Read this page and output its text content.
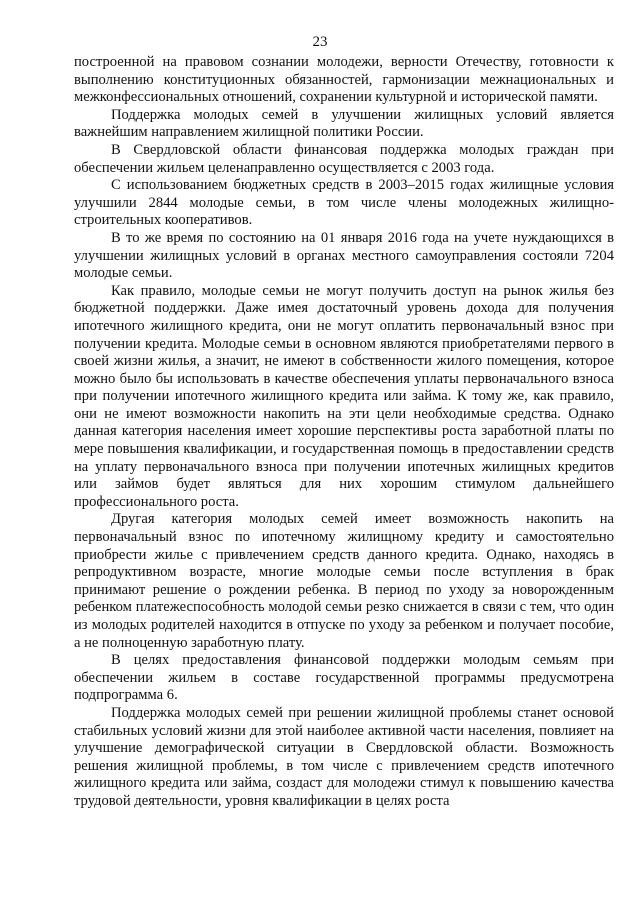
23

построенной на правовом сознании молодежи, верности Отечеству, готовности к выполнению конституционных обязанностей, гармонизации межнациональных и межконфессиональных отношений, сохранении культурной и исторической памяти.

Поддержка молодых семей в улучшении жилищных условий является важнейшим направлением жилищной политики России.

В Свердловской области финансовая поддержка молодых граждан при обеспечении жильем целенаправленно осуществляется с 2003 года.

С использованием бюджетных средств в 2003–2015 годах жилищные условия улучшили 2844 молодые семьи, в том числе члены молодежных жилищно-строительных кооперативов.

В то же время по состоянию на 01 января 2016 года на учете нуждающихся в улучшении жилищных условий в органах местного самоуправления состояли 7204 молодые семьи.

Как правило, молодые семьи не могут получить доступ на рынок жилья без бюджетной поддержки. Даже имея достаточный уровень дохода для получения ипотечного жилищного кредита, они не могут оплатить первоначальный взнос при получении кредита. Молодые семьи в основном являются приобретателями первого в своей жизни жилья, а значит, не имеют в собственности жилого помещения, которое можно было бы использовать в качестве обеспечения уплаты первоначального взноса при получении ипотечного жилищного кредита или займа. К тому же, как правило, они не имеют возможности накопить на эти цели необходимые средства. Однако данная категория населения имеет хорошие перспективы роста заработной платы по мере повышения квалификации, и государственная помощь в предоставлении средств на уплату первоначального взноса при получении ипотечных жилищных кредитов или займов будет являться для них хорошим стимулом дальнейшего профессионального роста.

Другая категория молодых семей имеет возможность накопить на первоначальный взнос по ипотечному жилищному кредиту и самостоятельно приобрести жилье с привлечением средств данного кредита. Однако, находясь в репродуктивном возрасте, многие молодые семьи после вступления в брак принимают решение о рождении ребенка. В период по уходу за новорожденным ребенком платежеспособность молодой семьи резко снижается в связи с тем, что один из молодых родителей находится в отпуске по уходу за ребенком и получает пособие, а не полноценную заработную плату.

В целях предоставления финансовой поддержки молодым семьям при обеспечении жильем в составе государственной программы предусмотрена подпрограмма 6.

Поддержка молодых семей при решении жилищной проблемы станет основой стабильных условий жизни для этой наиболее активной части населения, повлияет на улучшение демографической ситуации в Свердловской области. Возможность решения жилищной проблемы, в том числе с привлечением средств ипотечного жилищного кредита или займа, создаст для молодежи стимул к повышению качества трудовой деятельности, уровня квалификации в целях роста
